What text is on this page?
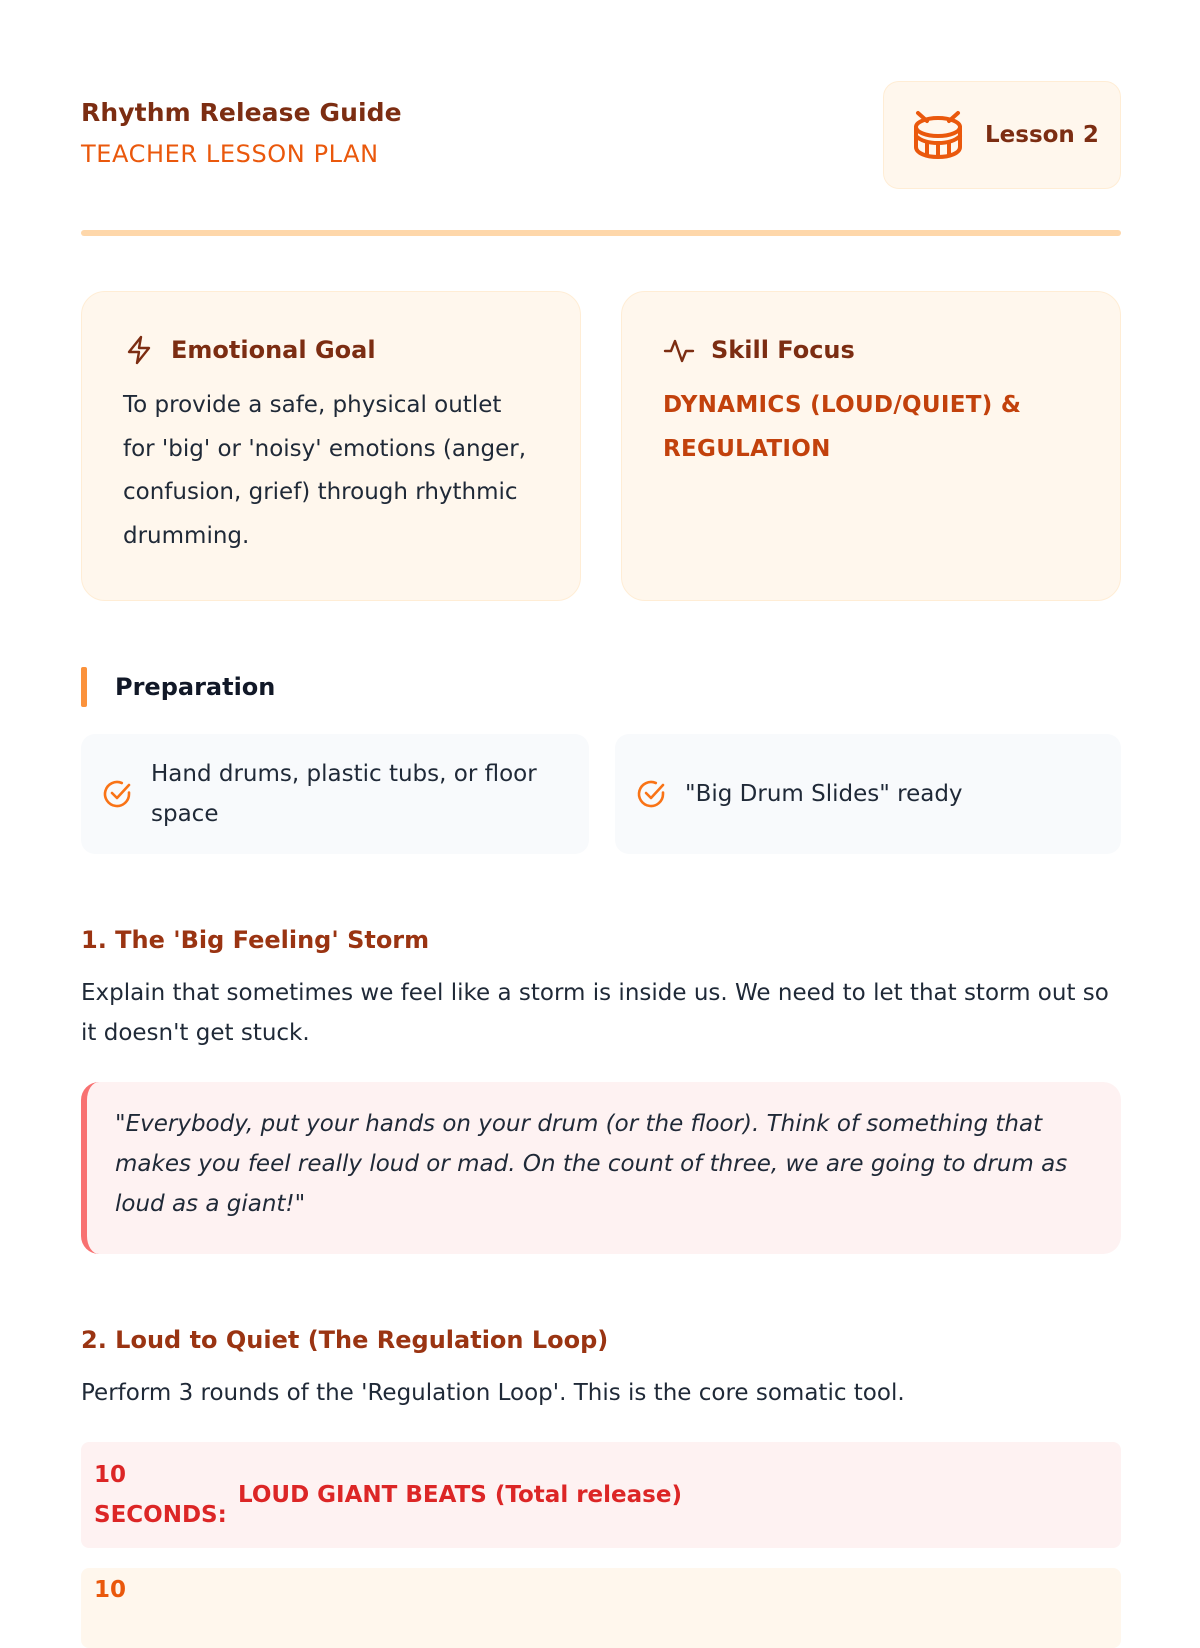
Rhythm Release Guide
TEACHER LESSON PLAN
Lesson 2
Emotional Goal
To provide a safe, physical outlet for 'big' or 'noisy' emotions (anger, confusion, grief) through rhythmic drumming.
Skill Focus
DYNAMICS (LOUD/QUIET) & REGULATION
Preparation
Hand drums, plastic tubs, or floor space
"Big Drum Slides" ready
1. The 'Big Feeling' Storm
Explain that sometimes we feel like a storm is inside us. We need to let that storm out so it doesn't get stuck.
"Everybody, put your hands on your drum (or the floor). Think of something that makes you feel really loud or mad. On the count of three, we are going to drum as loud as a giant!"
2. Loud to Quiet (The Regulation Loop)
Perform 3 rounds of the 'Regulation Loop'. This is the core somatic tool.
10 SECONDS:
LOUD GIANT BEATS (Total release)
10
